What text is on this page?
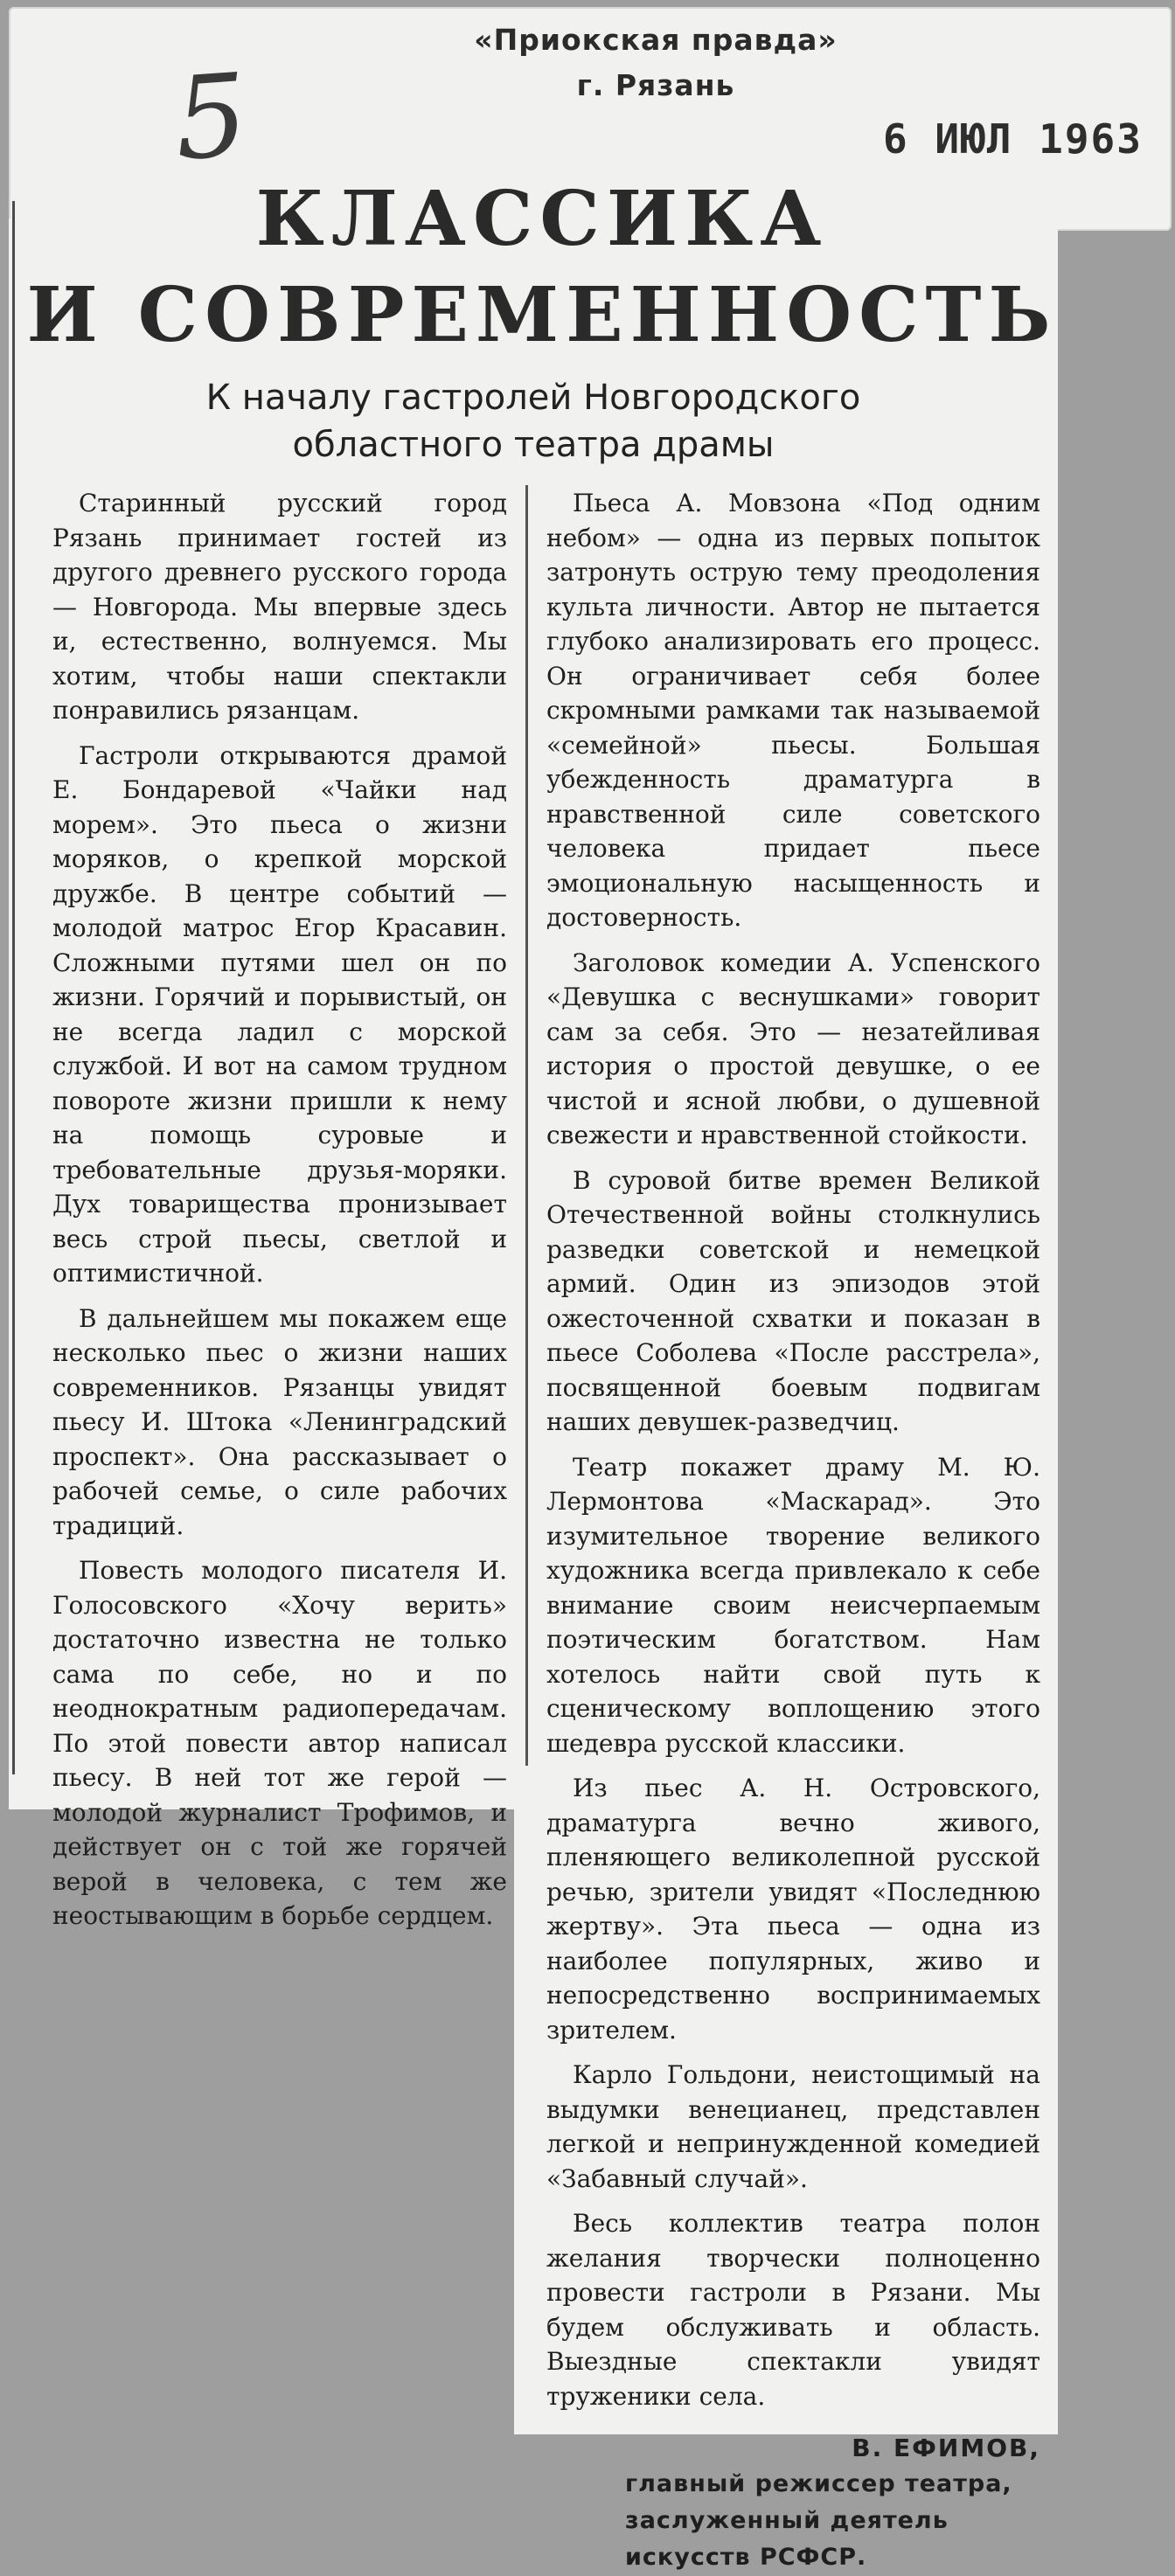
«Приокская правда»
г. Рязань
6 ИЮЛ 1963
5
КЛАССИКА
И СОВРЕМЕННОСТЬ
К началу гастролей Новгородского
областного театра драмы

Старинный русский город Рязань принимает гостей из другого древнего русского города — Новгорода. Мы впервые здесь и, естественно, волнуемся. Мы хотим, чтобы наши спектакли понравились рязанцам.

Гастроли открываются драмой Е. Бондаревой «Чайки над морем». Это пьеса о жизни моряков, о крепкой морской дружбе. В центре событий — молодой матрос Егор Красавин. Сложными путями шел он по жизни. Горячий и порывистый, он не всегда ладил с морской службой. И вот на самом трудном повороте жизни пришли к нему на помощь суровые и требовательные друзья-моряки. Дух товарищества пронизывает весь строй пьесы, светлой и оптимистичной.

В дальнейшем мы покажем еще несколько пьес о жизни наших современников. Рязанцы увидят пьесу И. Штока «Ленинградский проспект». Она рассказывает о рабочей семье, о силе рабочих традиций.

Повесть молодого писателя И. Голосовского «Хочу верить» достаточно известна не только сама по себе, но и по неоднократным радиопередачам. По этой повести автор написал пьесу. В ней тот же герой — молодой журналист Трофимов, и действует он с той же горячей верой в человека, с тем же неостывающим в борьбе сердцем.

Пьеса А. Мовзона «Под одним небом» — одна из первых попыток затронуть острую тему преодоления культа личности. Автор не пытается глубоко анализировать его процесс. Он ограничивает себя более скромными рамками так называемой «семейной» пьесы. Большая убежденность драматурга в нравственной силе советского человека придает пьесе эмоциональную насыщенность и достоверность.

Заголовок комедии А. Успенского «Девушка с веснушками» говорит сам за себя. Это — незатейливая история о простой девушке, о ее чистой и ясной любви, о душевной свежести и нравственной стойкости.

В суровой битве времен Великой Отечественной войны столкнулись разведки советской и немецкой армий. Один из эпизодов этой ожесточенной схватки и показан в пьесе Соболева «После расстрела», посвященной боевым подвигам наших девушек-разведчиц.

Театр покажет драму М. Ю. Лермонтова «Маскарад». Это изумительное творение великого художника всегда привлекало к себе внимание своим неисчерпаемым поэтическим богатством. Нам хотелось найти свой путь к сценическому воплощению этого шедевра русской классики.

Из пьес А. Н. Островского, драматурга вечно живого, пленяющего великолепной русской речью, зрители увидят «Последнюю жертву». Эта пьеса — одна из наиболее популярных, живо и непосредственно воспринимаемых зрителем.

Карло Гольдони, неистощимый на выдумки венецианец, представлен легкой и непринужденной комедией «Забавный случай».

Весь коллектив театра полон желания творчески полноценно провести гастроли в Рязани. Мы будем обслуживать и область. Выездные спектакли увидят труженики села.

В. ЕФИМОВ,
главный режиссер театра,
заслуженный деятель искусств РСФСР.
